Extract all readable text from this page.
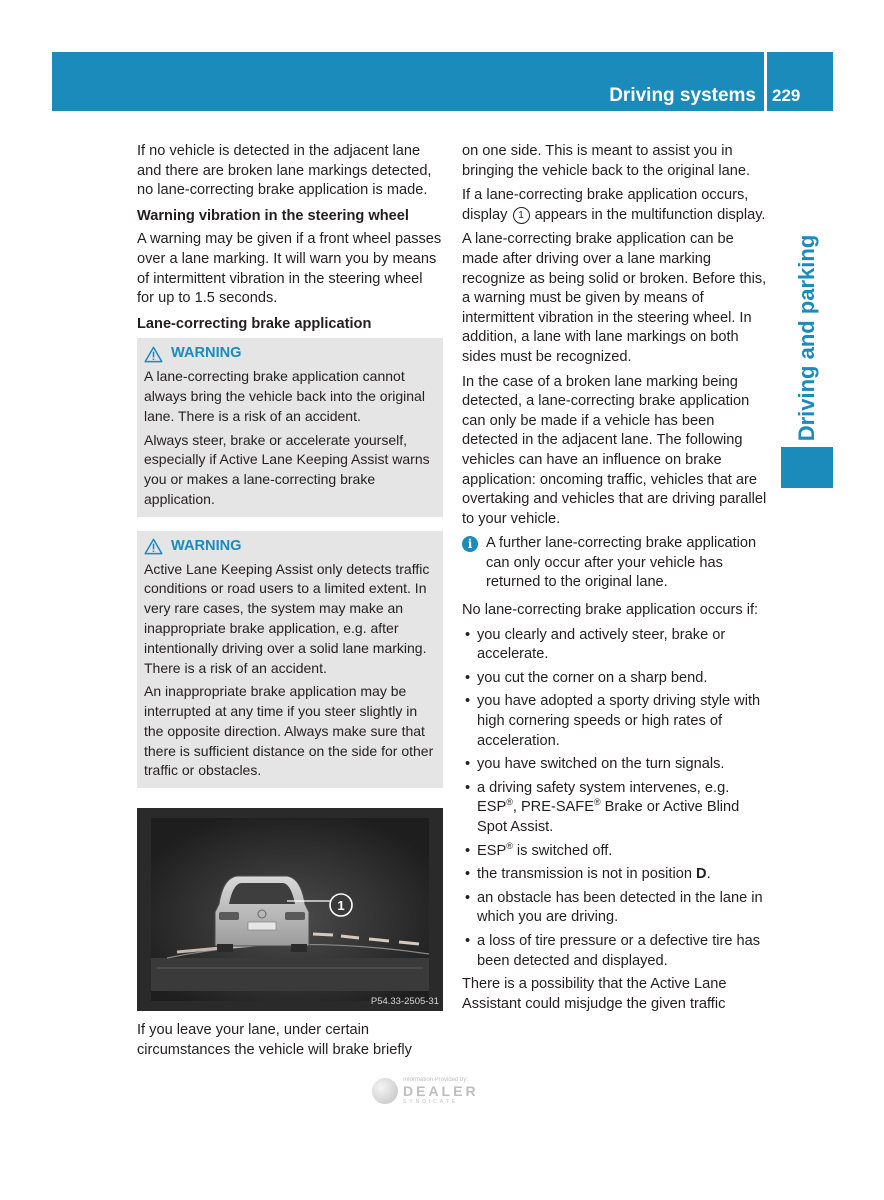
Driving systems 229
Driving and parking

If no vehicle is detected in the adjacent lane and there are broken lane markings detected, no lane-correcting brake application is made.

Warning vibration in the steering wheel

A warning may be given if a front wheel passes over a lane marking. It will warn you by means of intermittent vibration in the steering wheel for up to 1.5 seconds.

Lane-correcting brake application
WARNING

A lane-correcting brake application cannot always bring the vehicle back into the original lane. There is a risk of an accident.

Always steer, brake or accelerate yourself, especially if Active Lane Keeping Assist warns you or makes a lane-correcting brake application.

WARNING

Active Lane Keeping Assist only detects traffic conditions or road users to a limited extent. In very rare cases, the system may make an inappropriate brake application, e.g. after intentionally driving over a solid lane marking. There is a risk of an accident.

An inappropriate brake application may be interrupted at any time if you steer slightly in the opposite direction. Always make sure that there is sufficient distance on the side for other traffic or obstacles.

1
P54.33-2505-31

If you leave your lane, under certain circumstances the vehicle will brake briefly

on one side. This is meant to assist you in bringing the vehicle back to the original lane.

If a lane-correcting brake application occurs, display 1 appears in the multifunction display.

A lane-correcting brake application can be made after driving over a lane marking recognize as being solid or broken. Before this, a warning must be given by means of intermittent vibration in the steering wheel. In addition, a lane with lane markings on both sides must be recognized.

In the case of a broken lane marking being detected, a lane-correcting brake application can only be made if a vehicle has been detected in the adjacent lane. The following vehicles can have an influence on brake application: oncoming traffic, vehicles that are overtaking and vehicles that are driving parallel to your vehicle.

i A further lane-correcting brake application can only occur after your vehicle has returned to the original lane.

No lane-correcting brake application occurs if:

• you clearly and actively steer, brake or accelerate.
• you cut the corner on a sharp bend.
• you have adopted a sporty driving style with high cornering speeds or high rates of acceleration.
• you have switched on the turn signals.
• a driving safety system intervenes, e.g. ESP®, PRE-SAFE® Brake or Active Blind Spot Assist.
• ESP® is switched off.
• the transmission is not in position D.
• an obstacle has been detected in the lane in which you are driving.
• a loss of tire pressure or a defective tire has been detected and displayed.

There is a possibility that the Active Lane Assistant could misjudge the given traffic

Information Provided by:
DEALER
SYNDICATE
